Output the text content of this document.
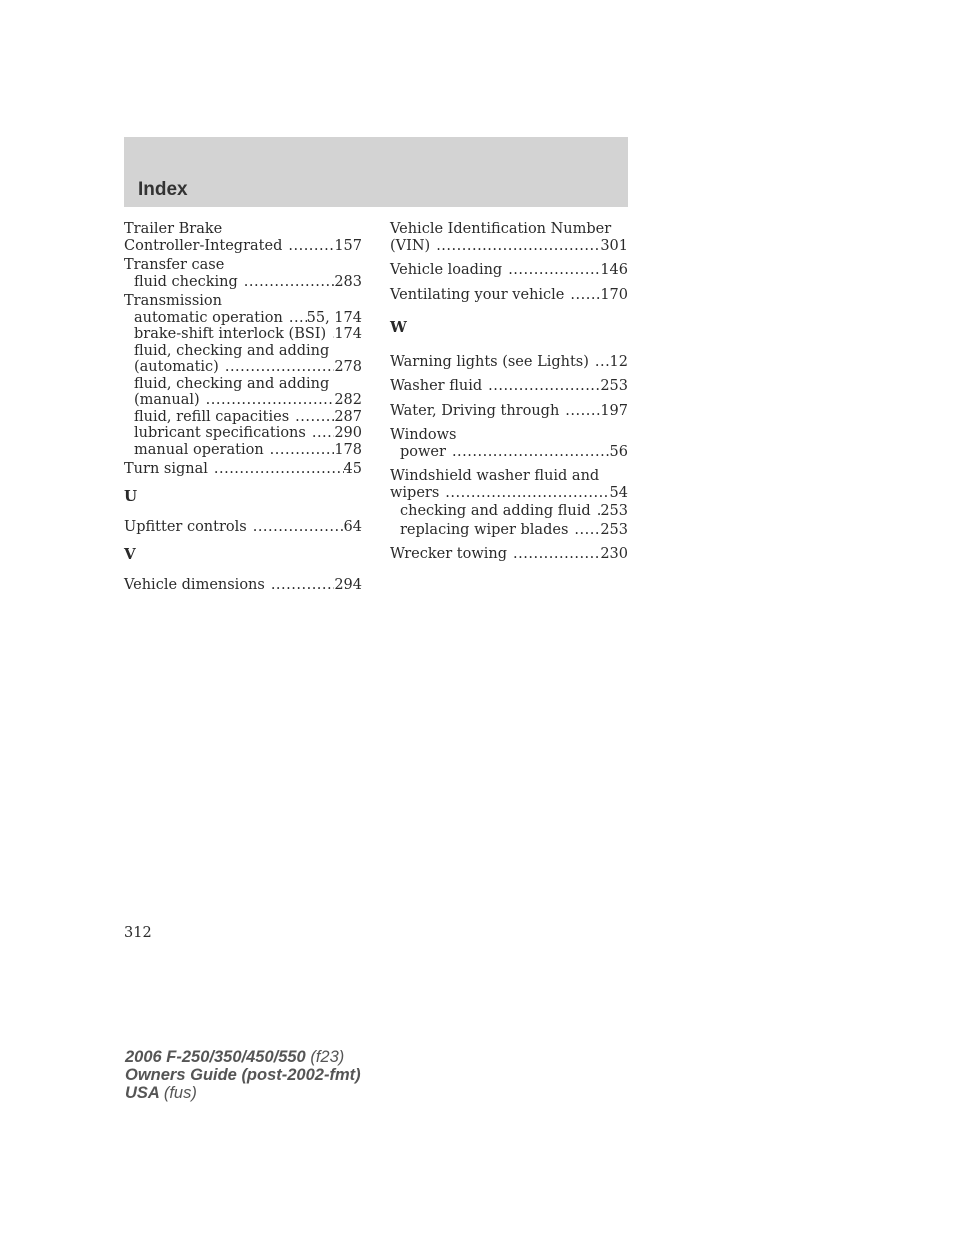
Index
Trailer Brake
Controller-Integrated .....	157
Transfer case
fluid checking .....	283
Transmission
automatic operation ..... 55, 174
brake-shift interlock (BSI) ..... 174
fluid, checking and adding
(automatic) .....	278
fluid, checking and adding
(manual) .....	282
fluid, refill capacities .....	287
lubricant specifications ..... 290
manual operation .....	178
Turn signal .....	45
U
Upfitter controls .....	64
V
Vehicle dimensions .....	294
Vehicle Identification Number
(VIN) .....	301
Vehicle loading .....	146
Ventilating your vehicle ..... 170
W
Warning lights (see Lights) ..... 12
Washer fluid .....	253
Water, Driving through .....	197
Windows
power .....	56
Windshield washer fluid and
wipers .....	54
checking and adding fluid ..... 253
replacing wiper blades ..... 253
Wrecker towing .....	230
312
2006 F-250/350/450/550 (f23)
Owners Guide (post-2002-fmt)
USA (fus)
